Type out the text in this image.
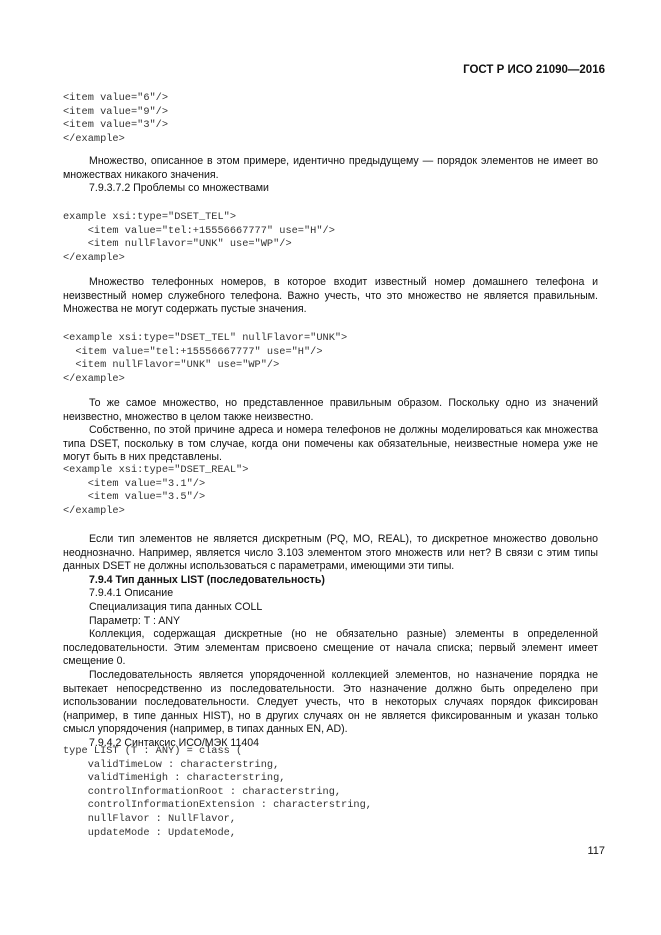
ГОСТ Р ИСО 21090—2016
<item value="6"/>
<item value="9"/>
<item value="3"/>
</example>

Множество, описанное в этом примере, идентично предыдущему — порядок элементов не имеет во множествах никакого значения.

7.9.3.7.2 Проблемы со множествами

example xsi:type="DSET_TEL">
<item value="tel:+15556667777" use="H"/>
<item nullFlavor="UNK" use="WP"/>
</example>

Множество телефонных номеров, в которое входит известный номер домашнего телефона и неизвестный номер служебного телефона. Важно учесть, что это множество не является правильным. Множества не могут содержать пустые значения.

<example xsi:type="DSET_TEL" nullFlavor="UNK">
<item value="tel:+15556667777" use="H"/>
<item nullFlavor="UNK" use="WP"/>
</example>

То же самое множество, но представленное правильным образом. Поскольку одно из значений неизвестно, множество в целом также неизвестно.

Собственно, по этой причине адреса и номера телефонов не должны моделироваться как множества типа DSET, поскольку в том случае, когда они помечены как обязательные, неизвестные номера уже не могут быть в них представлены.

<example xsi:type="DSET_REAL">
<item value="3.1"/>
<item value="3.5"/>
</example>

Если тип элементов не является дискретным (PQ, MO, REAL), то дискретное множество довольно неоднозначно. Например, является число 3.103 элементом этого множеств или нет? В связи с этим типы данных DSET не должны использоваться с параметрами, имеющими эти типы.

7.9.4 Тип данных LIST (последовательность)

7.9.4.1 Описание

Специализация типа данных COLL

Параметр: T : ANY

Коллекция, содержащая дискретные (но не обязательно разные) элементы в определенной последовательности. Этим элементам присвоено смещение от начала списка; первый элемент имеет смещение 0.

Последовательность является упорядоченной коллекцией элементов, но назначение порядка не вытекает непосредственно из последовательности. Это назначение должно быть определено при использовании последовательности. Следует учесть, что в некоторых случаях порядок фиксирован (например, в типе данных HIST), но в других случаях он не является фиксированным и указан только смысл упорядочения (например, в типах данных EN, AD).

7.9.4.2 Синтаксис ИСО/МЭК 11404

type LIST (T : ANY) = class (
validTimeLow : characterstring,
validTimeHigh : characterstring,
controlInformationRoot : characterstring,
controlInformationExtension : characterstring,
nullFlavor : NullFlavor,
updateMode : UpdateMode,
117
